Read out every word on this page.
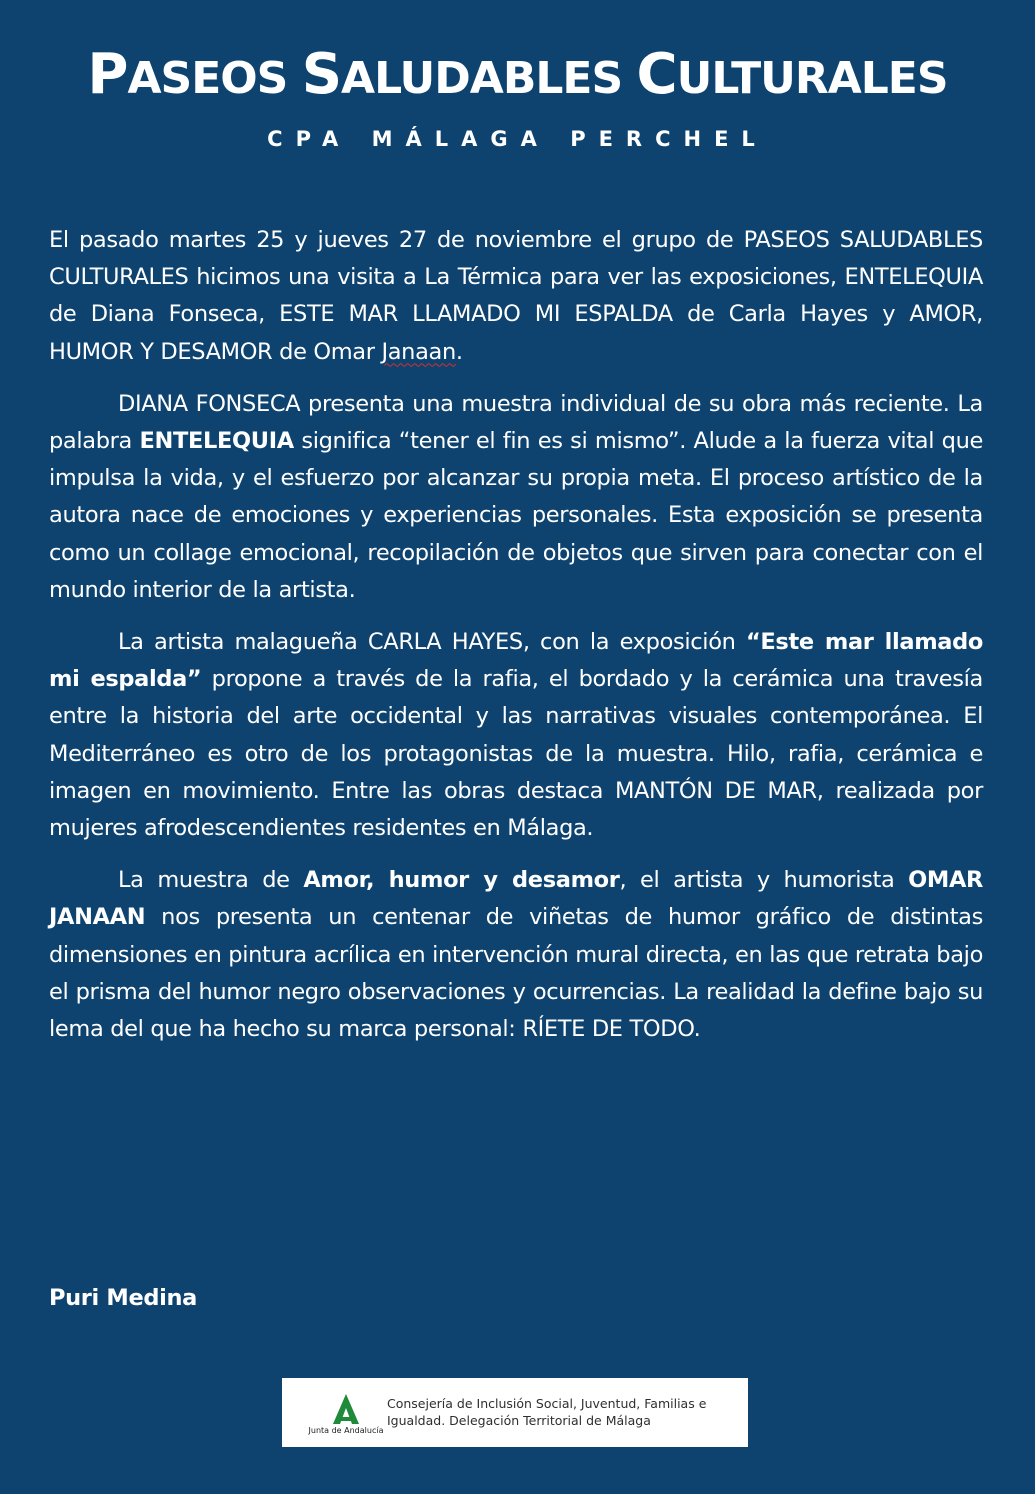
PASEOS SALUDABLES CULTURALES
CPA MÁLAGA PERCHEL

El pasado martes 25 y jueves 27 de noviembre el grupo de PASEOS SALUDABLES CULTURALES hicimos una visita a La Térmica para ver las exposiciones, ENTELEQUIA de Diana Fonseca, ESTE MAR LLAMADO MI ESPALDA de Carla Hayes y AMOR, HUMOR Y DESAMOR de Omar Janaan.

DIANA FONSECA presenta una muestra individual de su obra más reciente. La palabra ENTELEQUIA significa “tener el fin es si mismo”. Alude a la fuerza vital que impulsa la vida, y el esfuerzo por alcanzar su propia meta. El proceso artístico de la autora nace de emociones y experiencias personales. Esta exposición se presenta como un collage emocional, recopilación de objetos que sirven para conectar con el mundo interior de la artista.

La artista malagueña CARLA HAYES, con la exposición “Este mar llamado mi espalda” propone a través de la rafia, el bordado y la cerámica una travesía entre la historia del arte occidental y las narrativas visuales contemporánea. El Mediterráneo es otro de los protagonistas de la muestra. Hilo, rafia, cerámica e imagen en movimiento. Entre las obras destaca MANTÓN DE MAR, realizada por mujeres afrodescendientes residentes en Málaga.

La muestra de Amor, humor y desamor, el artista y humorista OMAR JANAAN nos presenta un centenar de viñetas de humor gráfico de distintas dimensiones en pintura acrílica en intervención mural directa, en las que retrata bajo el prisma del humor negro observaciones y ocurrencias. La realidad la define bajo su lema del que ha hecho su marca personal: RÍETE DE TODO.

Puri Medina
Junta de Andalucía
Consejería de Inclusión Social, Juventud, Familias e
Igualdad. Delegación Territorial de Málaga
